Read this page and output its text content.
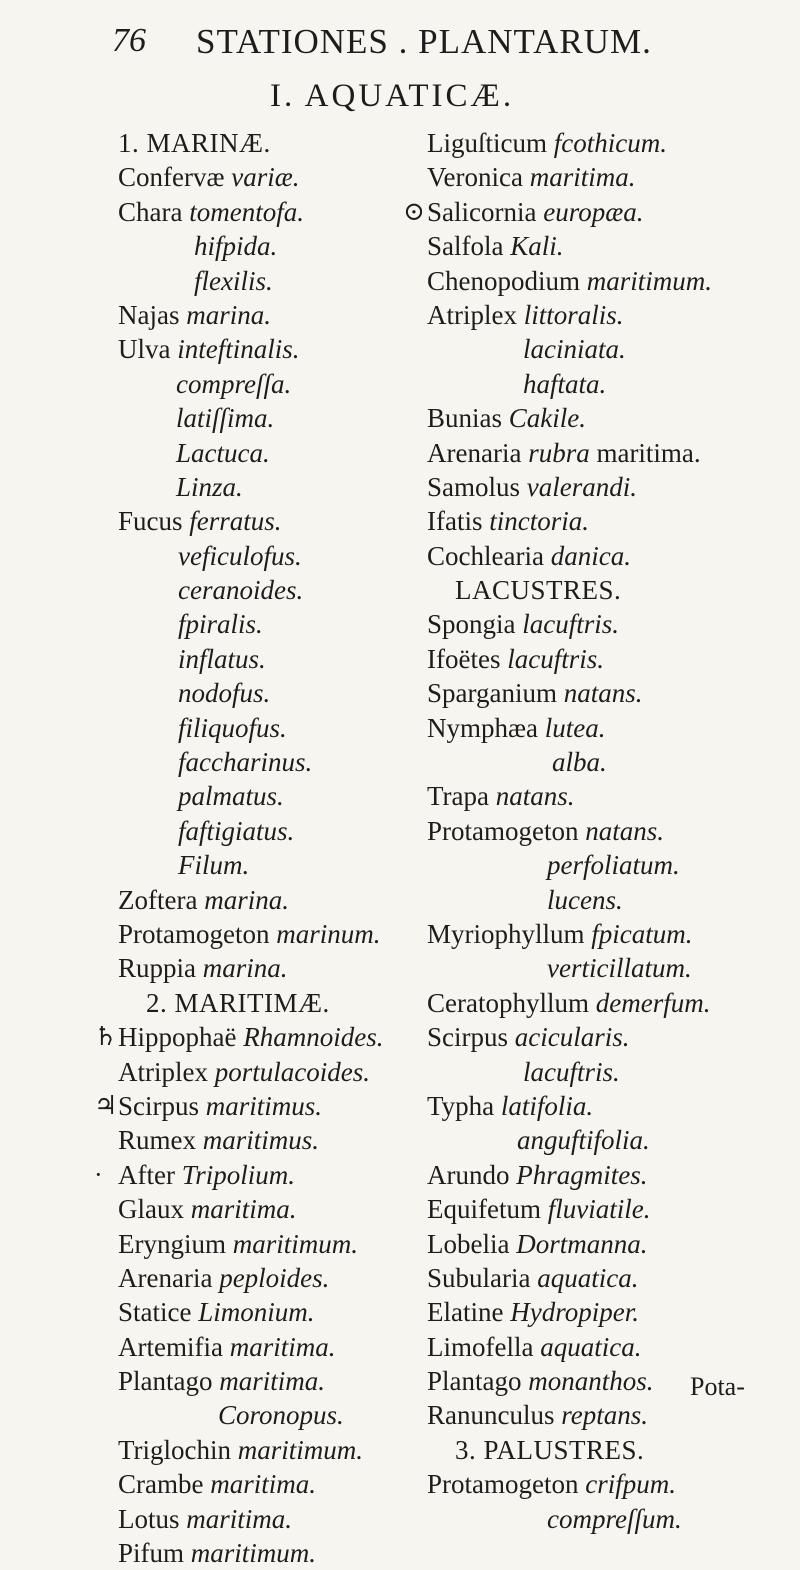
76 STATIONES . PLANTARUM.
I. AQUATICÆ.
1. MARINÆ.
Confervæ variæ.
Chara tomentofa.
hifpida.
flexilis.
Najas marina.
Ulva inteftinalis.
compreſſa.
latiſſima.
Lactuca.
Linza.
Fucus ferratus.
veficulofus.
ceranoides.
fpiralis.
inflatus.
nodofus.
filiquofus.
faccharinus.
palmatus.
faftigiatus.
Filum.
Zoftera marina.
Protamogeton marinum.
Ruppia marina.
2. MARITIMÆ.
♄ Hippophaë Rhamnoides.
Atriplex portulacoides.
♃ Scirpus maritimus.
Rumex maritimus.
· After Tripolium.
Glaux maritima.
Eryngium maritimum.
Arenaria peploides.
Statice Limonium.
Artemifia maritima.
Plantago maritima.
Coronopus.
Triglochin maritimum.
Crambe maritima.
Lotus maritima.
Pifum maritimum.
Liguſticum fcothicum.
Veronica maritima.
⊙ Salicornia europæa.
Salfola Kali.
Chenopodium maritimum.
Atriplex littoralis.
laciniata.
haftata.
Bunias Cakile.
Arenaria rubra maritima.
Samolus valerandi.
Ifatis tinctoria.
Cochlearia danica.
LACUSTRES.
Spongia lacuftris.
Ifoëtes lacuftris.
Sparganium natans.
Nymphæa lutea.
alba.
Trapa natans.
Protamogeton natans.
perfoliatum.
lucens.
Myriophyllum fpicatum.
verticillatum.
Ceratophyllum demerfum.
Scirpus acicularis.
lacuftris.
Typha latifolia.
anguftifolia.
Arundo Phragmites.
Equifetum fluviatile.
Lobelia Dortmanna.
Subularia aquatica.
Elatine Hydropiper.
Limofella aquatica.
Plantago monanthos.
Ranunculus reptans.
3. PALUSTRES.
Protamogeton crifpum.
compreſſum.
Pota-
